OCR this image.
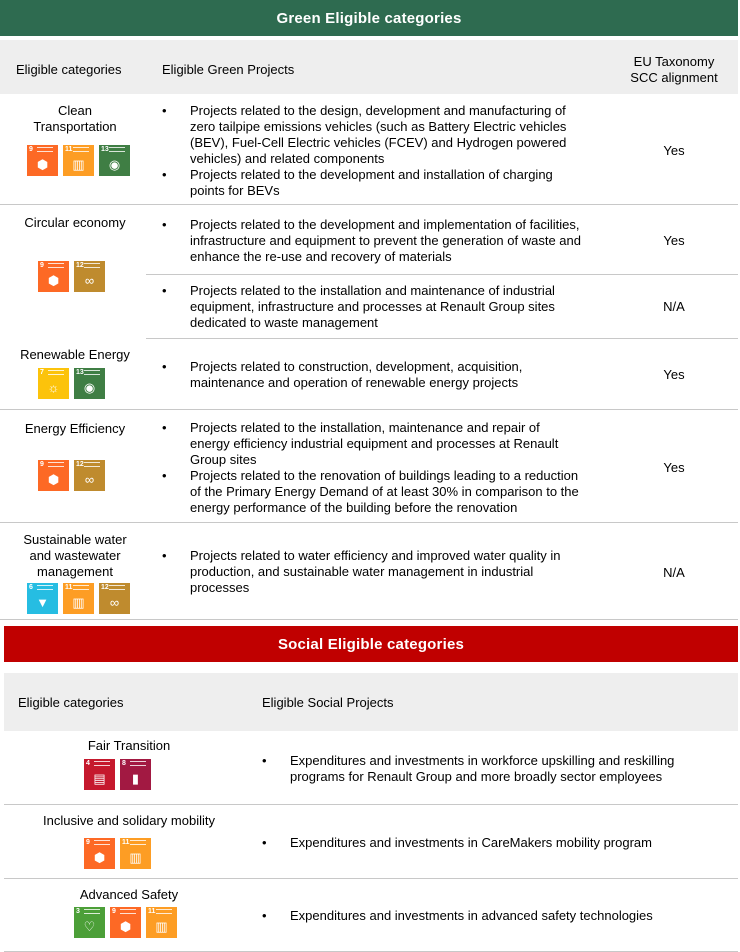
Green Eligible categories
Eligible categories	Eligible Green Projects
EU Taxonomy
SCC alignment
Clean
Transportation
9
⬢
11
▥
13
◉
• Projects related to the design, development and manufacturing of
zero tailpipe emissions vehicles (such as Battery Electric vehicles
(BEV), Fuel-Cell Electric vehicles (FCEV) and Hydrogen powered
vehicles) and related components
• Projects related to the development and installation of charging
points for BEVs
Yes
Circular economy
9
⬢
12
∞
• Projects related to the development and implementation of facilities,
infrastructure and equipment to prevent the generation of waste and
enhance the re-use and recovery of materials
Yes
• Projects related to the installation and maintenance of industrial
equipment, infrastructure and processes at Renault Group sites
dedicated to waste management
N/A
Renewable Energy
7
☼
13
◉
• Projects related to construction, development, acquisition,
maintenance and operation of renewable energy projects
Yes
Energy Efficiency
9
⬢
12
∞
• Projects related to the installation, maintenance and repair of
energy efficiency industrial equipment and processes at Renault
Group sites
• Projects related to the renovation of buildings leading to a reduction
of the Primary Energy Demand of at least 30% in comparison to the
energy performance of the building before the renovation
Yes
Sustainable water
and wastewater
management
6
▼
11
▥
12
∞
• Projects related to water efficiency and improved water quality in
production, and sustainable water management in industrial
processes
N/A
Social Eligible categories
Eligible categories	Eligible Social Projects
Fair Transition
4
▤
8
▮
• Expenditures and investments in workforce upskilling and reskilling
programs for Renault Group and more broadly sector employees
Inclusive and solidary mobility
9
⬢
11
▥
• Expenditures and investments in CareMakers mobility program
Advanced Safety
3
♡
9
⬢
11
▥
• Expenditures and investments in advanced safety technologies
